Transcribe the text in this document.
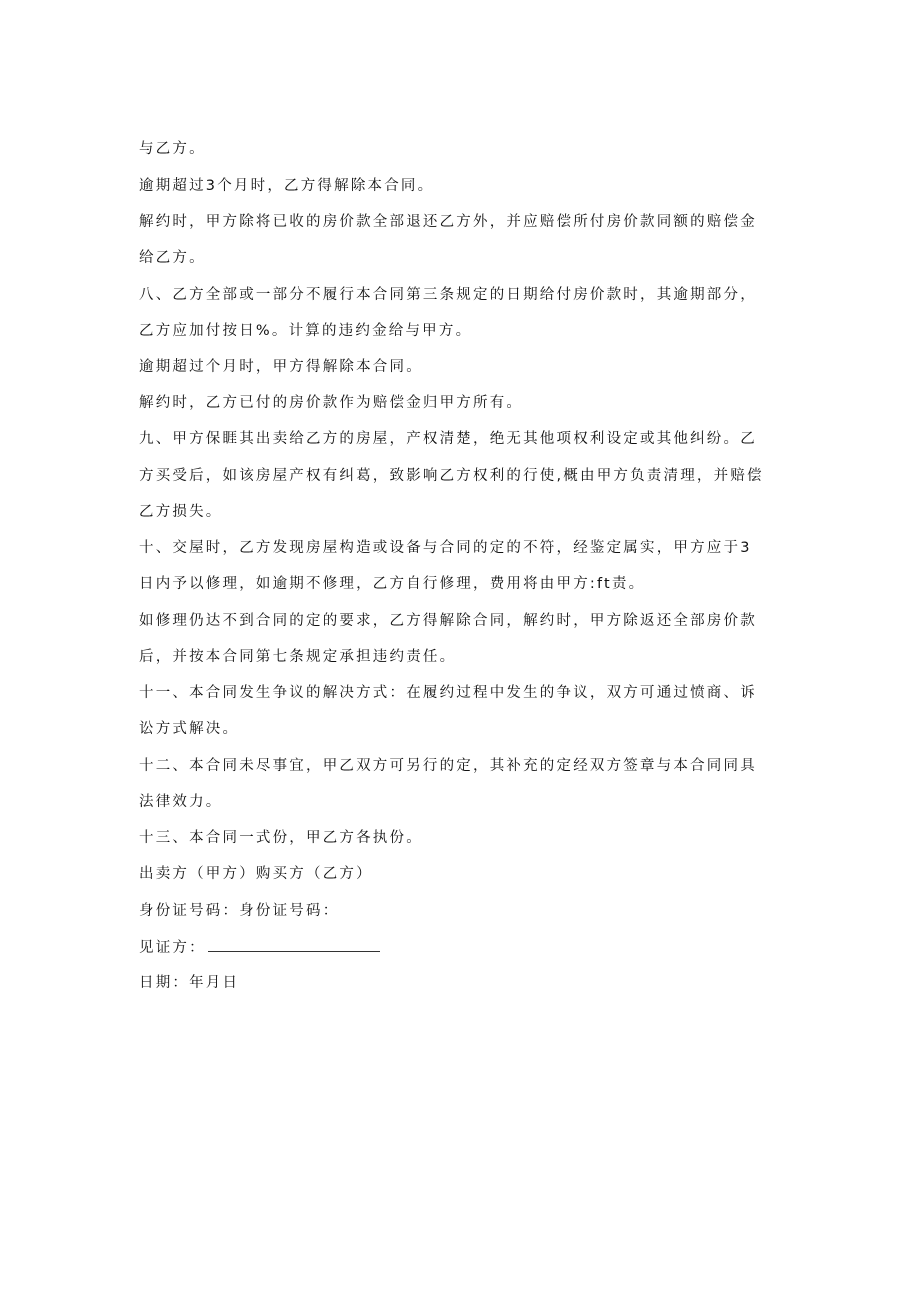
与乙方。
逾期超过3个月时，乙方得解除本合同。
解约时，甲方除将已收的房价款全部退还乙方外，并应赔偿所付房价款同额的赔偿金
给乙方。
八、乙方全部或一部分不履行本合同第三条规定的日期给付房价款时，其逾期部分，
乙方应加付按日%。计算的违约金给与甲方。
逾期超过个月时，甲方得解除本合同。
解约时，乙方已付的房价款作为赔偿金归甲方所有。
九、甲方保睚其出卖给乙方的房屋，产权清楚，绝无其他项权利设定或其他纠纷。乙
方买受后，如该房屋产权有纠葛，致影响乙方权利的行使,概由甲方负责清理，并赔偿
乙方损失。
十、交屋时，乙方发现房屋构造或设备与合同的定的不符，经鉴定属实，甲方应于3
日内予以修理，如逾期不修理，乙方自行修理，费用将由甲方:ft责。
如修理仍达不到合同的定的要求，乙方得解除合同，解约时，甲方除返还全部房价款
后，并按本合同第七条规定承担违约责任。
十一、本合同发生争议的解决方式：在履约过程中发生的争议，双方可通过愤商、诉
讼方式解决。
十二、本合同未尽事宜，甲乙双方可另行的定，其补充的定经双方签章与本合同同具
法律效力。
十三、本合同一式份，甲乙方各执份。
出卖方（甲方）购买方（乙方）
身份证号码：身份证号码：
见证方：
日期：年月日
